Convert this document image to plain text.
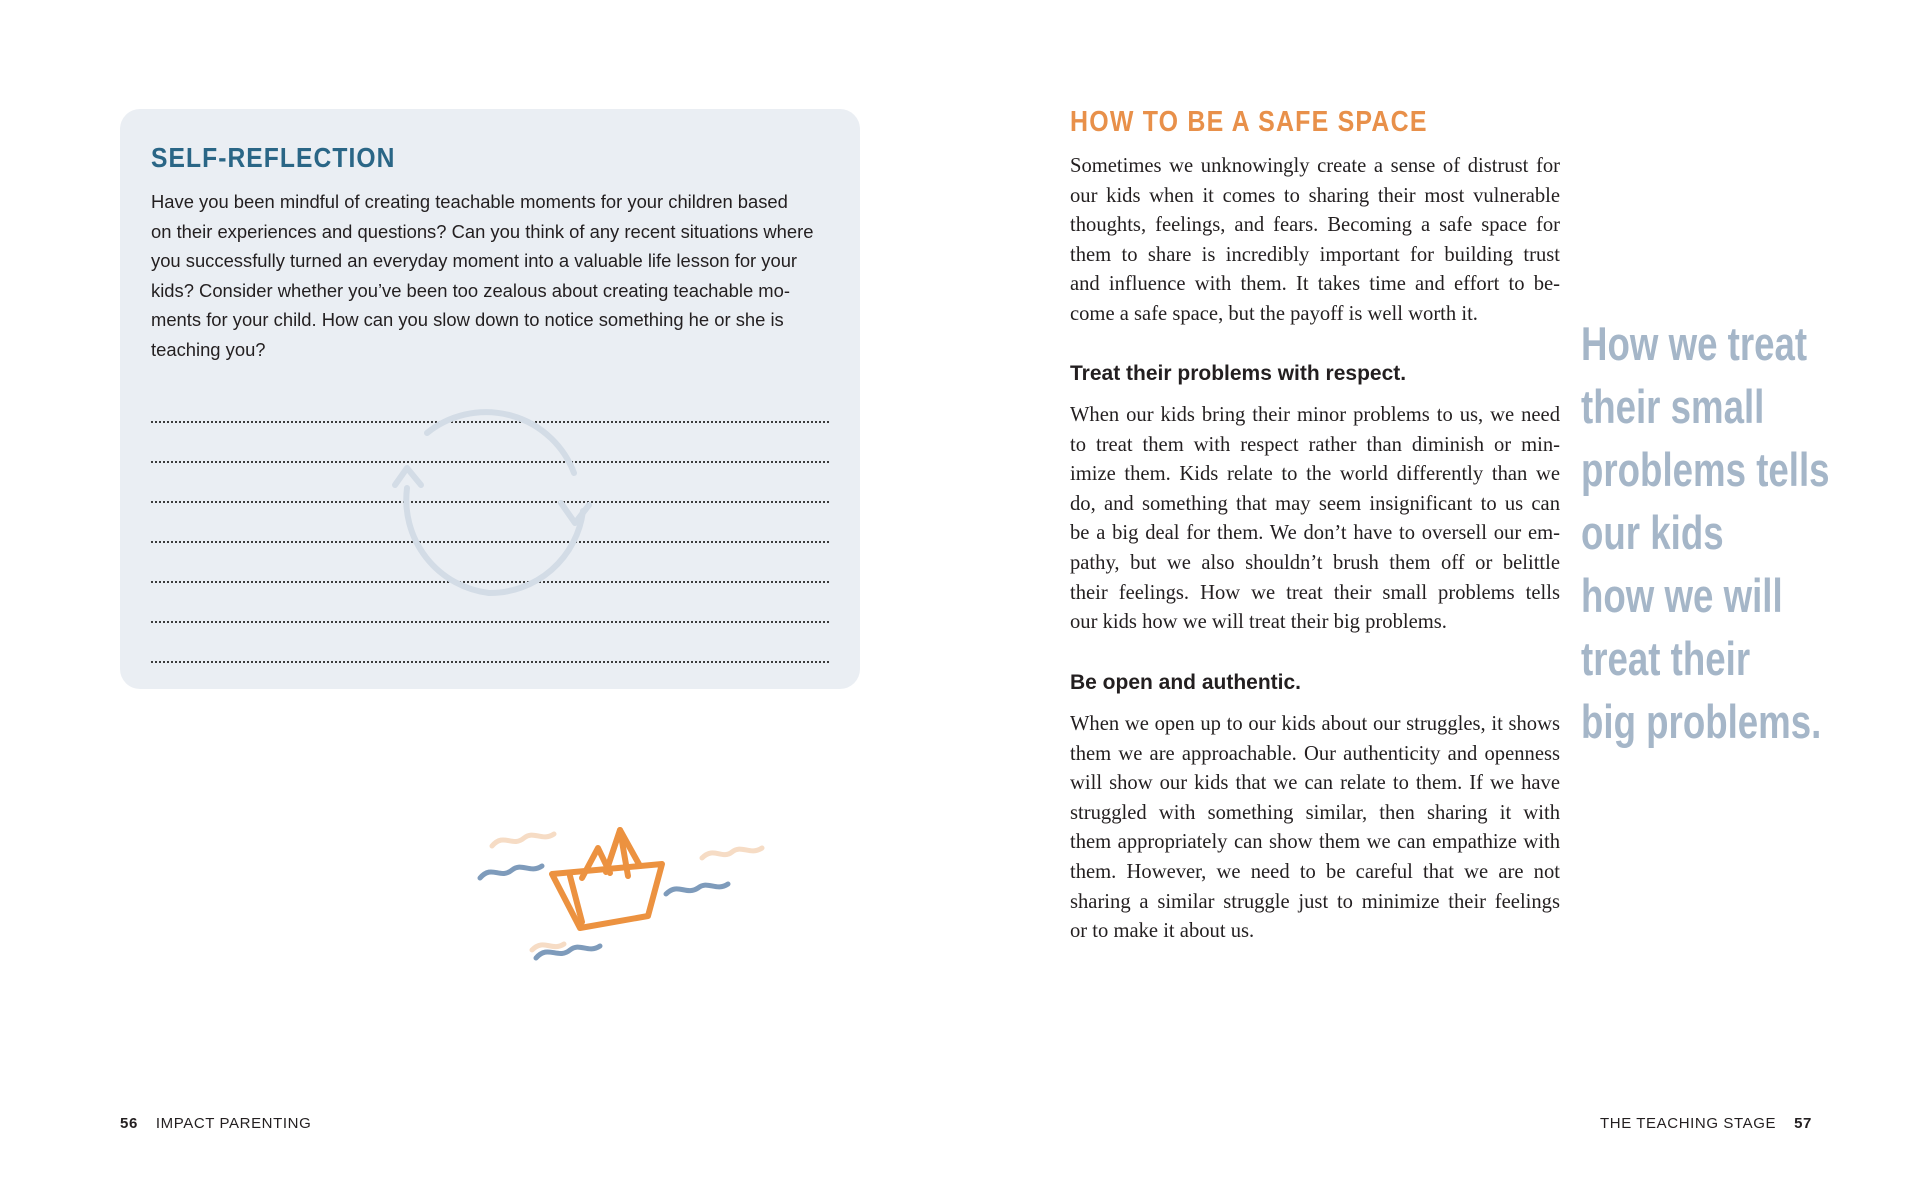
SELF-REFLECTION

Have you been mindful of creating teachable moments for your children based
on their experiences and questions? Can you think of any recent situations where
you successfully turned an everyday moment into a valuable life lesson for your
kids? Consider whether you’ve been too zealous about creating teachable mo-
ments for your child. How can you slow down to notice something he or she is
teaching you?

56 IMPACT PARENTING
HOW TO BE A SAFE SPACE

Sometimes we unknowingly create a sense of distrust for
our kids when it comes to sharing their most vulnerable
thoughts, feelings, and fears. Becoming a safe space for
them to share is incredibly important for building trust
and influence with them. It takes time and effort to be-
come a safe space, but the payoff is well worth it.

Treat their problems with respect.

When our kids bring their minor problems to us, we need
to treat them with respect rather than diminish or min-
imize them. Kids relate to the world differently than we
do, and something that may seem insignificant to us can
be a big deal for them. We don’t have to oversell our em-
pathy, but we also shouldn’t brush them off or belittle
their feelings. How we treat their small problems tells
our kids how we will treat their big problems.

Be open and authentic.

When we open up to our kids about our struggles, it shows
them we are approachable. Our authenticity and openness
will show our kids that we can relate to them. If we have
struggled with something similar, then sharing it with
them appropriately can show them we can empathize with
them. However, we need to be careful that we are not
sharing a similar struggle just to minimize their feelings
or to make it about us.

How we treat
their small
problems tells
our kids
how we will
treat their
big problems.
THE TEACHING STAGE 57
